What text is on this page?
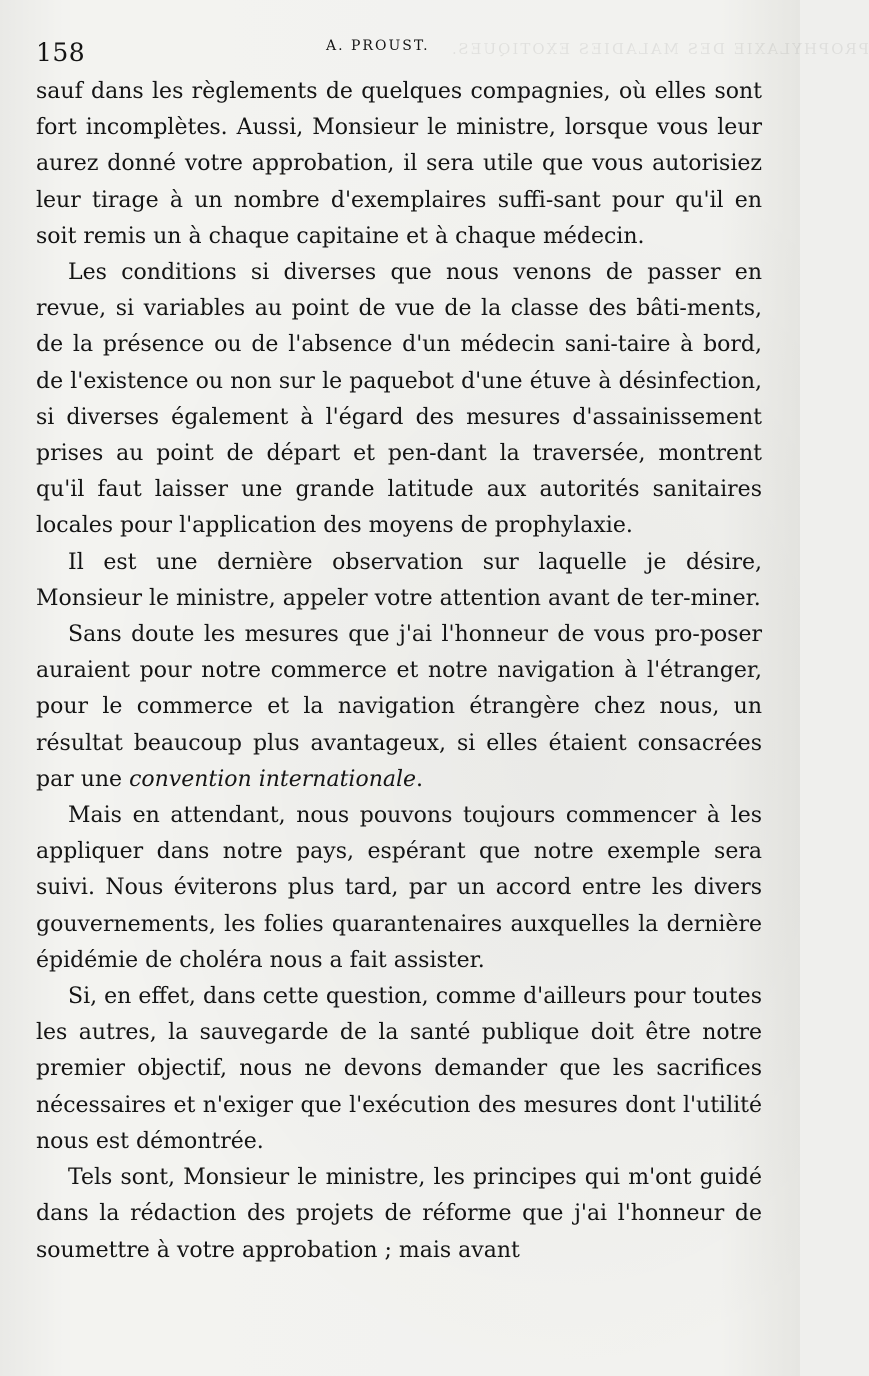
PROPHYLAXIE DES MALADIES EXOTIQUES.
158	A. PROUST.

sauf dans les règlements de quelques compagnies, où elles sont fort incomplètes. Aussi, Monsieur le ministre, lorsque vous leur aurez donné votre approbation, il sera utile que vous autorisiez leur tirage à un nombre d'exemplaires suffi-sant pour qu'il en soit remis un à chaque capitaine et à chaque médecin.

Les conditions si diverses que nous venons de passer en revue, si variables au point de vue de la classe des bâti-ments, de la présence ou de l'absence d'un médecin sani-taire à bord, de l'existence ou non sur le paquebot d'une étuve à désinfection, si diverses également à l'égard des mesures d'assainissement prises au point de départ et pen-dant la traversée, montrent qu'il faut laisser une grande latitude aux autorités sanitaires locales pour l'application des moyens de prophylaxie.

Il est une dernière observation sur laquelle je désire, Monsieur le ministre, appeler votre attention avant de ter-miner.

Sans doute les mesures que j'ai l'honneur de vous pro-poser auraient pour notre commerce et notre navigation à l'étranger, pour le commerce et la navigation étrangère chez nous, un résultat beaucoup plus avantageux, si elles étaient consacrées par une convention internationale.

Mais en attendant, nous pouvons toujours commencer à les appliquer dans notre pays, espérant que notre exemple sera suivi. Nous éviterons plus tard, par un accord entre les divers gouvernements, les folies quarantenaires auxquelles la dernière épidémie de choléra nous a fait assister.

Si, en effet, dans cette question, comme d'ailleurs pour toutes les autres, la sauvegarde de la santé publique doit être notre premier objectif, nous ne devons demander que les sacrifices nécessaires et n'exiger que l'exécution des mesures dont l'utilité nous est démontrée.

Tels sont, Monsieur le ministre, les principes qui m'ont guidé dans la rédaction des projets de réforme que j'ai l'honneur de soumettre à votre approbation ; mais avant
